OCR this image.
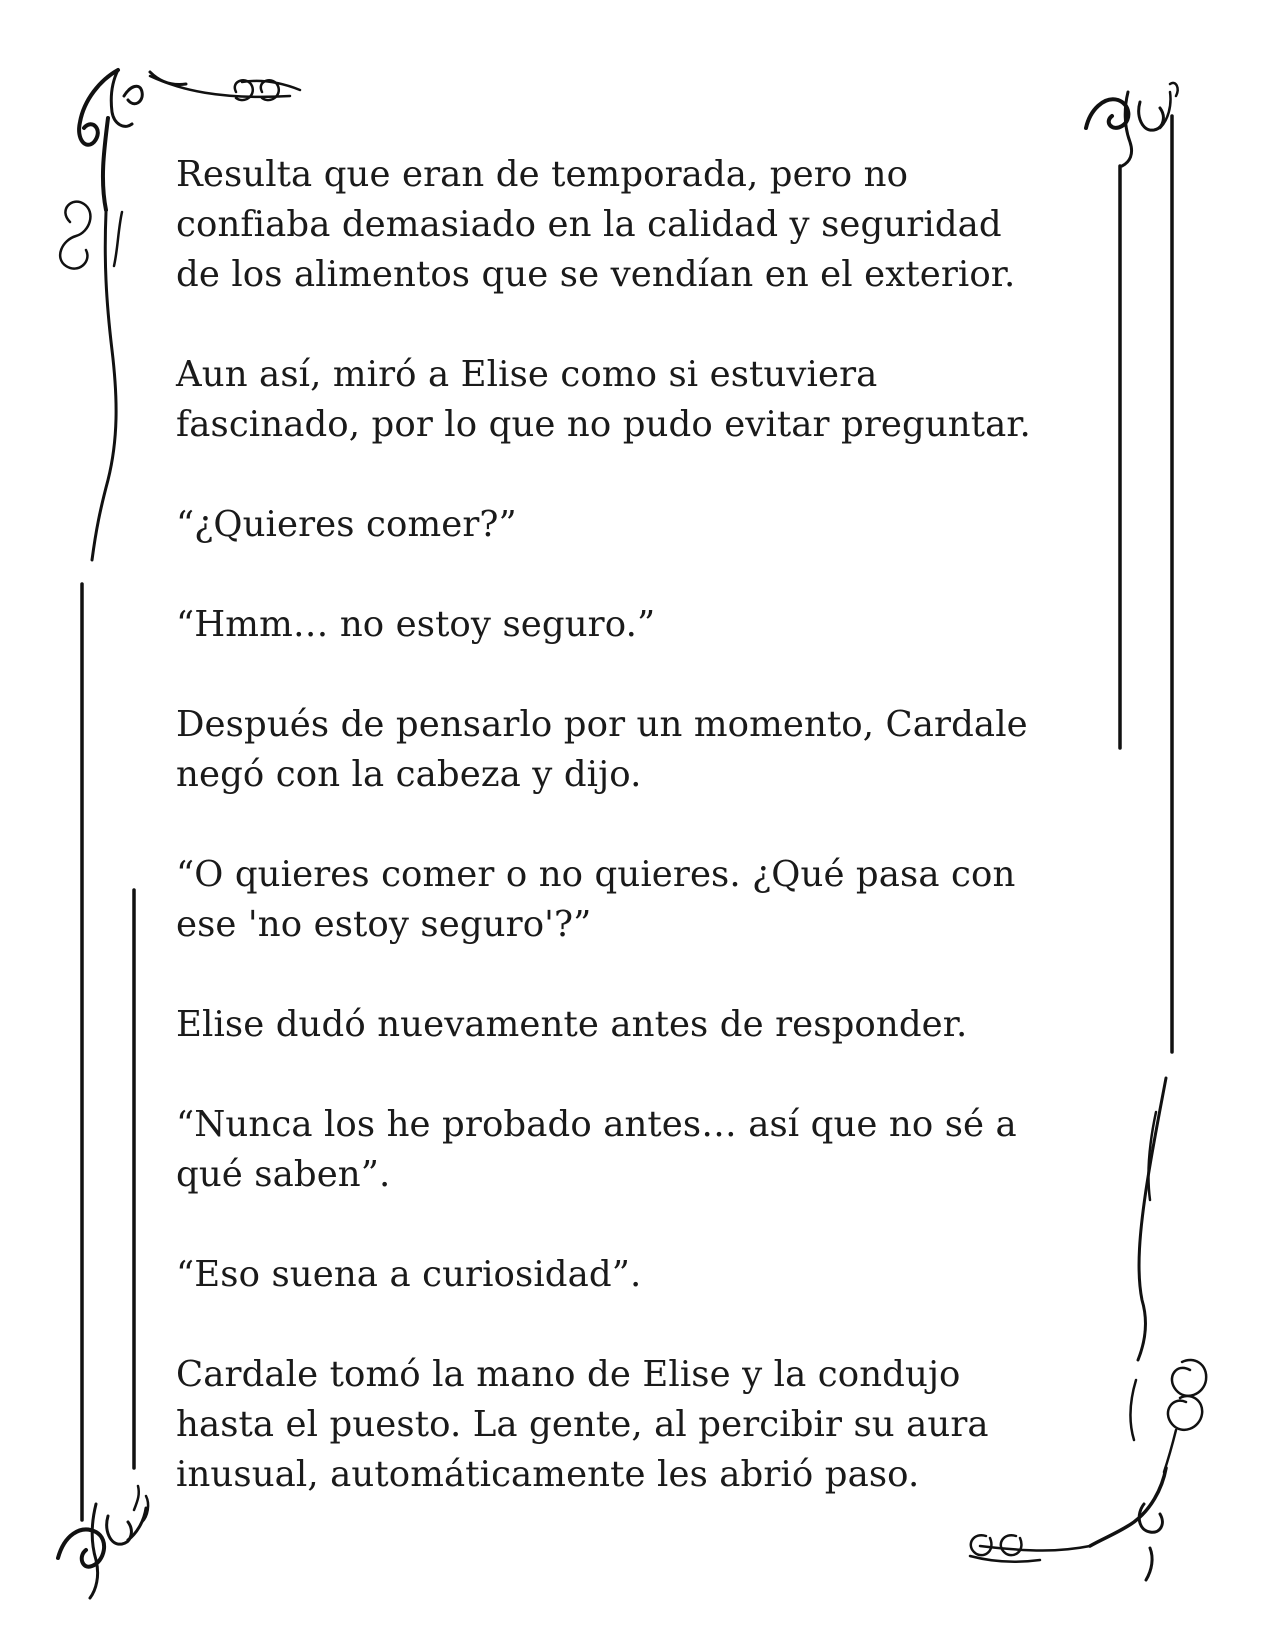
Resulta que eran de temporada, pero no
confiaba demasiado en la calidad y seguridad
de los alimentos que se vendían en el exterior.

Aun así, miró a Elise como si estuviera
fascinado, por lo que no pudo evitar preguntar.

“¿Quieres comer?”

“Hmm… no estoy seguro.”

Después de pensarlo por un momento, Cardale
negó con la cabeza y dijo.

“O quieres comer o no quieres. ¿Qué pasa con
ese 'no estoy seguro'?”

Elise dudó nuevamente antes de responder.

“Nunca los he probado antes… así que no sé a
qué saben”.

“Eso suena a curiosidad”.

Cardale tomó la mano de Elise y la condujo
hasta el puesto. La gente, al percibir su aura
inusual, automáticamente les abrió paso.
